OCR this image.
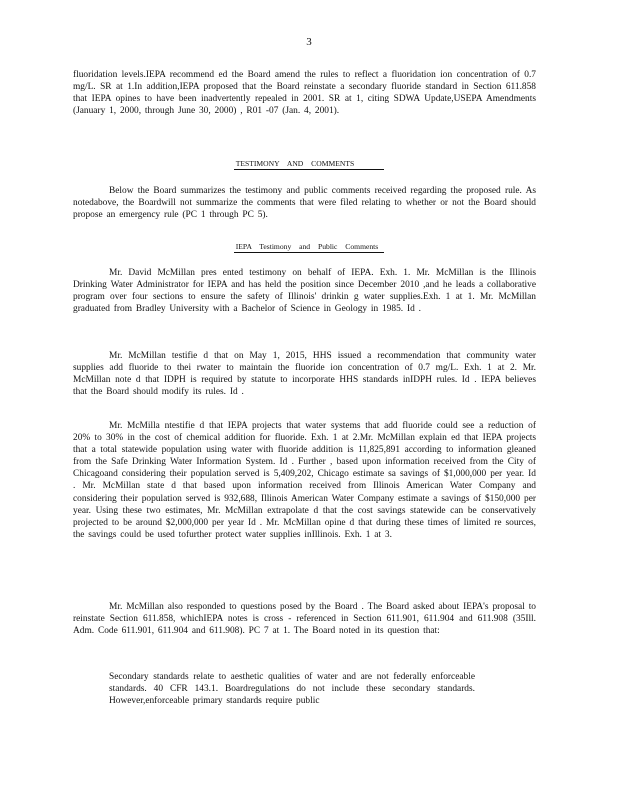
3
fluoridation levels.IEPA recommend ed the Board amend the rules to reflect a fluoridation ion concentration of 0.7 mg/L. SR at 1.In addition,IEPA proposed that the Board reinstate a secondary fluoride standard in Section 611.858 that IEPA opines to have been inadvertently repealed in 2001. SR at 1, citing SDWA Update,USEPA Amendments (January 1, 2000, through June 30, 2000) , R01 -07 (Jan. 4, 2001).
TESTIMONY AND COMMENTS
Below the Board summarizes the testimony and public comments received regarding the proposed rule. As notedabove, the Boardwill not summarize the comments that were filed relating to whether or not the Board should propose an emergency rule (PC 1 through PC 5).
IEPA Testimony and Public Comments
Mr. David McMillan pres ented testimony on behalf of IEPA. Exh. 1. Mr. McMillan is the Illinois Drinking Water Administrator for IEPA and has held the position since December 2010 ,and he leads a collaborative program over four sections to ensure the safety of Illinois' drinkin g water supplies.Exh. 1 at 1. Mr. McMillan graduated from Bradley University with a Bachelor of Science in Geology in 1985. Id .
Mr. McMillan testifie d that on May 1, 2015, HHS issued a recommendation that community water supplies add fluoride to thei rwater to maintain the fluoride ion concentration of 0.7 mg/L. Exh. 1 at 2. Mr. McMillan note d that IDPH is required by statute to incorporate HHS standards inIDPH rules. Id . IEPA believes that the Board should modify its rules. Id .
Mr. McMilla ntestifie d that IEPA projects that water systems that add fluoride could see a reduction of 20% to 30% in the cost of chemical addition for fluoride. Exh. 1 at 2.Mr. McMillan explain ed that IEPA projects that a total statewide population using water with fluoride addition is 11,825,891 according to information gleaned from the Safe Drinking Water Information System. Id . Further , based upon information received from the City of Chicagoand considering their population served is 5,409,202, Chicago estimate sa savings of $1,000,000 per year. Id . Mr. McMillan state d that based upon information received from Illinois American Water Company and considering their population served is 932,688, Illinois American Water Company estimate a savings of $150,000 per year. Using these two estimates, Mr. McMillan extrapolate d that the cost savings statewide can be conservatively projected to be around $2,000,000 per year Id . Mr. McMillan opine d that during these times of limited re sources, the savings could be used tofurther protect water supplies inIllinois. Exh. 1 at 3.
Mr. McMillan also responded to questions posed by the Board . The Board asked about IEPA's proposal to reinstate Section 611.858, whichIEPA notes is cross - referenced in Section 611.901, 611.904 and 611.908 (35Ill. Adm. Code 611.901, 611.904 and 611.908). PC 7 at 1. The Board noted in its question that:
Secondary standards relate to aesthetic qualities of water and are not federally enforceable standards. 40 CFR 143.1. Boardregulations do not include these secondary standards. However,enforceable primary standards require public
